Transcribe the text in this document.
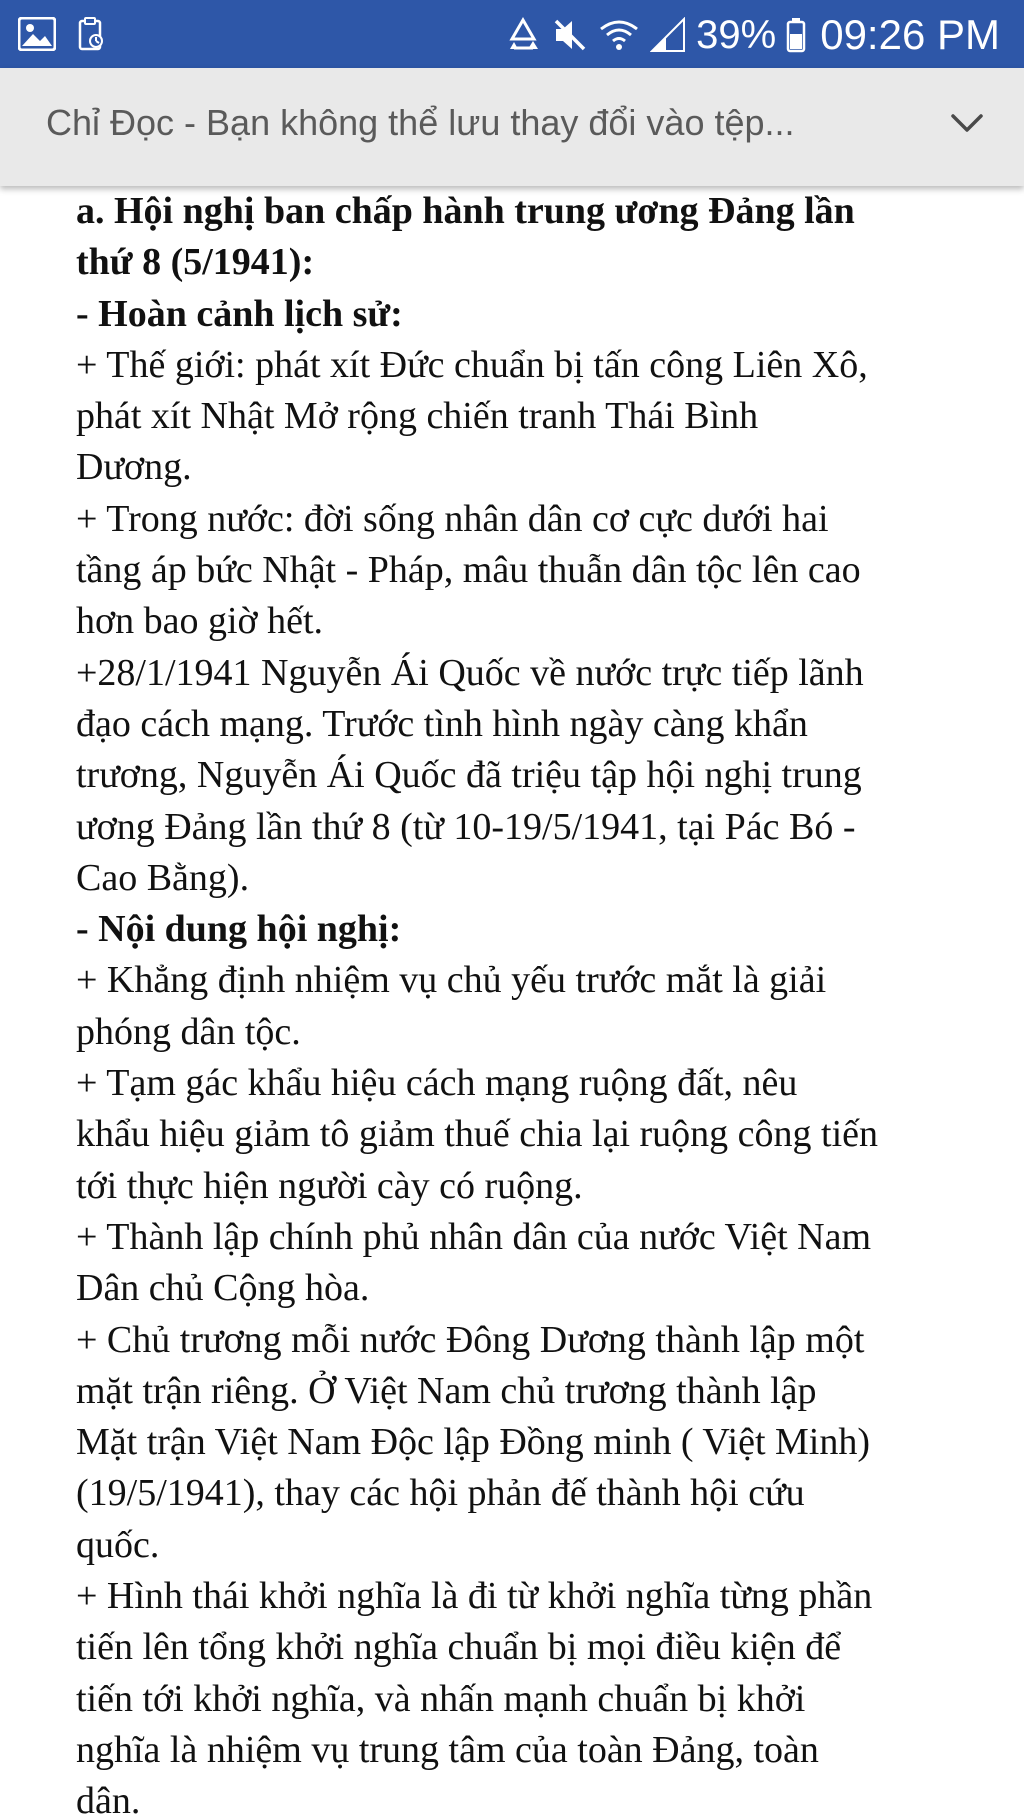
39% 09:26 PM
Chỉ Đọc - Bạn không thể lưu thay đổi vào tệp...

a. Hội nghị ban chấp hành trung ương Đảng lần

thứ 8 (5/1941):

- Hoàn cảnh lịch sử:

+ Thế giới: phát xít Đức chuẩn bị tấn công Liên Xô,

phát xít Nhật Mở rộng chiến tranh Thái Bình

Dương.

+ Trong nước: đời sống nhân dân cơ cực dưới hai

tầng áp bức Nhật - Pháp, mâu thuẫn dân tộc lên cao

hơn bao giờ hết.

+28/1/1941 Nguyễn Ái Quốc về nước trực tiếp lãnh

đạo cách mạng. Trước tình hình ngày càng khẩn

trương, Nguyễn Ái Quốc đã triệu tập hội nghị trung

ương Đảng lần thứ 8 (từ 10-19/5/1941, tại Pác Bó -

Cao Bằng).

- Nội dung hội nghị:

+ Khẳng định nhiệm vụ chủ yếu trước mắt là giải

phóng dân tộc.

+ Tạm gác khẩu hiệu cách mạng ruộng đất, nêu

khẩu hiệu giảm tô giảm thuế chia lại ruộng công tiến

tới thực hiện người cày có ruộng.

+ Thành lập chính phủ nhân dân của nước Việt Nam

Dân chủ Cộng hòa.

+ Chủ trương mỗi nước Đông Dương thành lập một

mặt trận riêng. Ở Việt Nam chủ trương thành lập

Mặt trận Việt Nam Độc lập Đồng minh ( Việt Minh)

(19/5/1941), thay các hội phản đế thành hội cứu

quốc.

+ Hình thái khởi nghĩa là đi từ khởi nghĩa từng phần

tiến lên tổng khởi nghĩa chuẩn bị mọi điều kiện để

tiến tới khởi nghĩa, và nhấn mạnh chuẩn bị khởi

nghĩa là nhiệm vụ trung tâm của toàn Đảng, toàn

dân.
